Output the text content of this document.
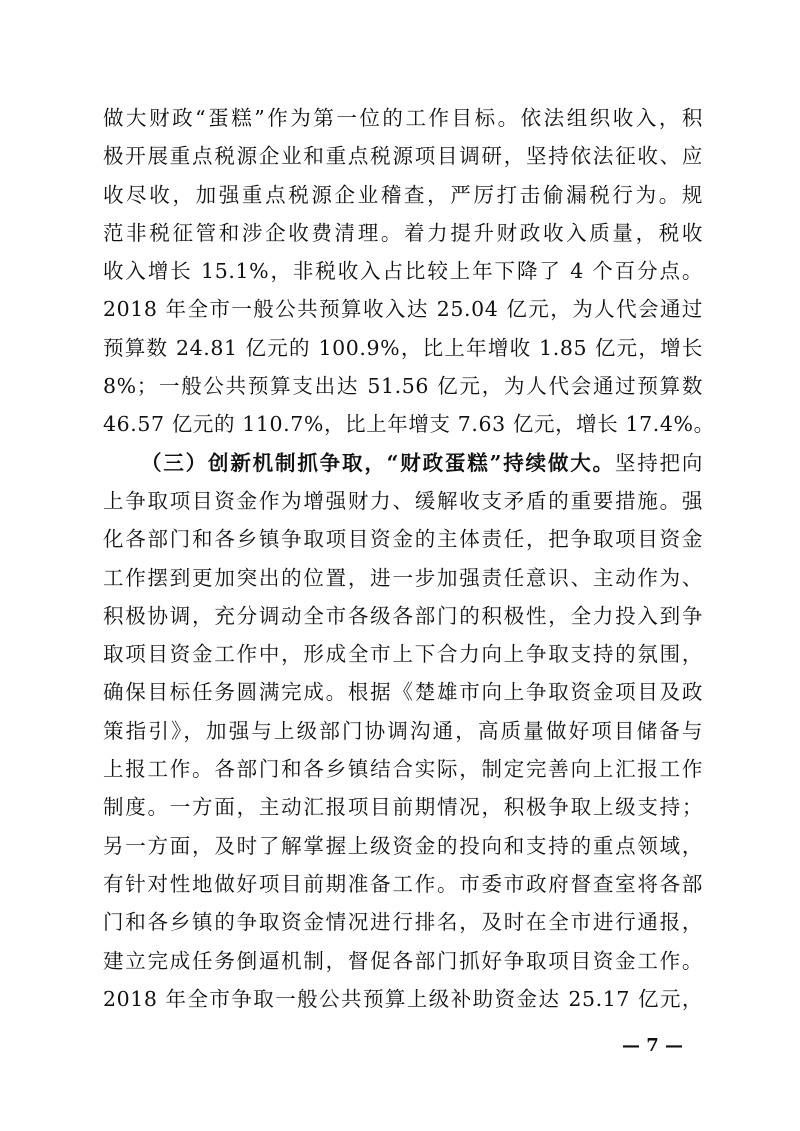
做大财政“蛋糕”作为第一位的工作目标。依法组织收入，积
极开展重点税源企业和重点税源项目调研，坚持依法征收、应
收尽收，加强重点税源企业稽查，严厉打击偷漏税行为。规
范非税征管和涉企收费清理。着力提升财政收入质量，税收
收入增长 15.1%，非税收入占比较上年下降了 4 个百分点。
2018 年全市一般公共预算收入达 25.04 亿元，为人代会通过
预算数 24.81 亿元的 100.9%，比上年增收 1.85 亿元，增长
8%；一般公共预算支出达 51.56 亿元，为人代会通过预算数
46.57 亿元的 110.7%，比上年增支 7.63 亿元，增长 17.4%。
（三）创新机制抓争取，“财政蛋糕”持续做大。坚持把向
上争取项目资金作为增强财力、缓解收支矛盾的重要措施。强
化各部门和各乡镇争取项目资金的主体责任，把争取项目资金
工作摆到更加突出的位置，进一步加强责任意识、主动作为、
积极协调，充分调动全市各级各部门的积极性，全力投入到争
取项目资金工作中，形成全市上下合力向上争取支持的氛围，
确保目标任务圆满完成。根据《楚雄市向上争取资金项目及政
策指引》，加强与上级部门协调沟通，高质量做好项目储备与
上报工作。各部门和各乡镇结合实际，制定完善向上汇报工作
制度。一方面，主动汇报项目前期情况，积极争取上级支持；
另一方面，及时了解掌握上级资金的投向和支持的重点领域，
有针对性地做好项目前期准备工作。市委市政府督查室将各部
门和各乡镇的争取资金情况进行排名，及时在全市进行通报，
建立完成任务倒逼机制，督促各部门抓好争取项目资金工作。
2018 年全市争取一般公共预算上级补助资金达 25.17 亿元，
— 7 —
